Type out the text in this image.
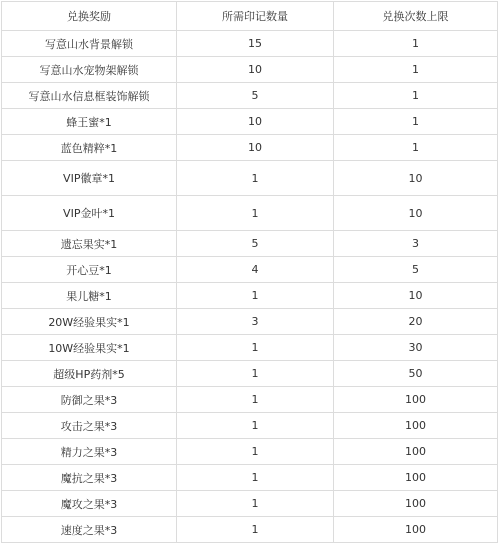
兑换奖励	所需印记数量	兑换次数上限
写意山水背景解锁	15	1
写意山水宠物架解锁	10	1
写意山水信息框装饰解锁	5	1
蜂王蜜*1	10	1
蓝色精粹*1	10	1
VIP徽章*1	1	10
VIP金叶*1	1	10
遗忘果实*1	5	3
开心豆*1	4	5
果儿糖*1	1	10
20W经验果实*1	3	20
10W经验果实*1	1	30
超级HP药剂*5	1	50
防御之果*3	1	100
攻击之果*3	1	100
精力之果*3	1	100
魔抗之果*3	1	100
魔攻之果*3	1	100
速度之果*3	1	100
